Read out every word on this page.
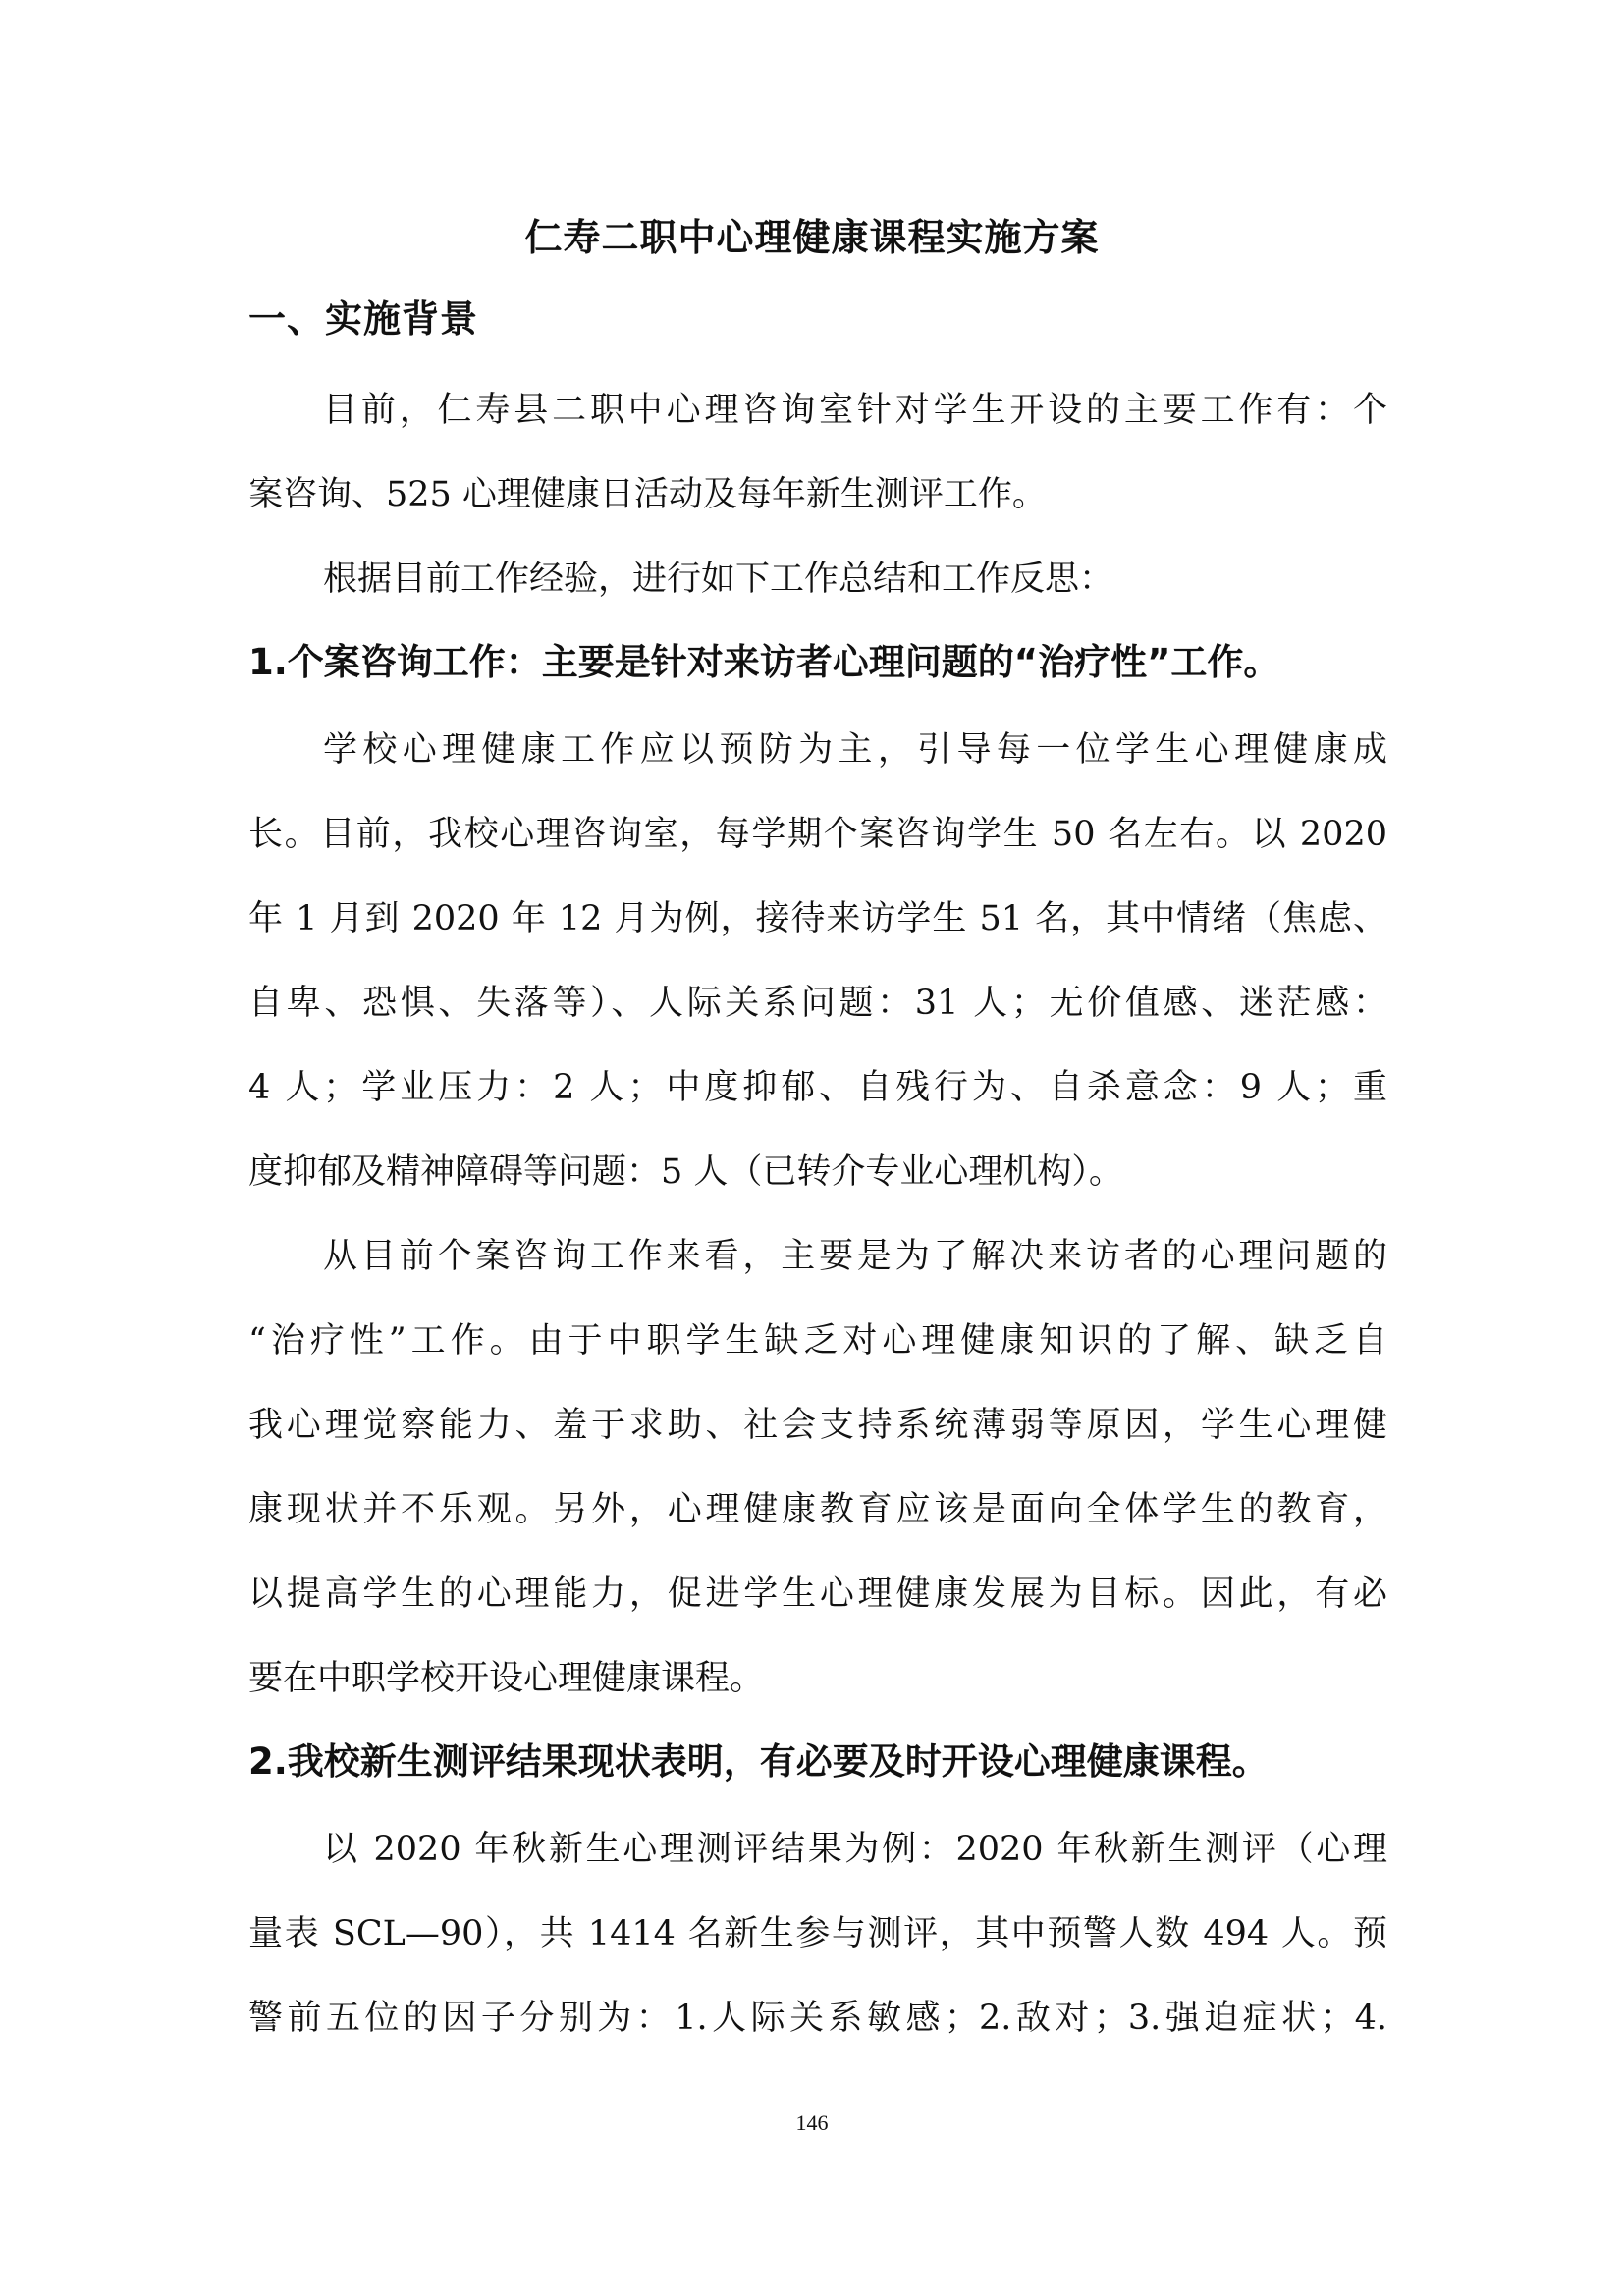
仁寿二职中心理健康课程实施方案
一、实施背景
目前，仁寿县二职中心理咨询室针对学生开设的主要工作有：个
案咨询、525 心理健康日活动及每年新生测评工作。
根据目前工作经验，进行如下工作总结和工作反思：
1.个案咨询工作：主要是针对来访者心理问题的“治疗性”工作。
学校心理健康工作应以预防为主，引导每一位学生心理健康成
长。目前，我校心理咨询室，每学期个案咨询学生 50 名左右。以 2020
年 1 月到 2020 年 12 月为例，接待来访学生 51 名，其中情绪（焦虑、
自卑、恐惧、失落等）、人际关系问题：31 人；无价值感、迷茫感：
4 人；学业压力：2 人；中度抑郁、自残行为、自杀意念：9 人；重
度抑郁及精神障碍等问题：5 人（已转介专业心理机构）。
从目前个案咨询工作来看，主要是为了解决来访者的心理问题的
“治疗性”工作。由于中职学生缺乏对心理健康知识的了解、缺乏自
我心理觉察能力、羞于求助、社会支持系统薄弱等原因，学生心理健
康现状并不乐观。另外，心理健康教育应该是面向全体学生的教育，
以提高学生的心理能力，促进学生心理健康发展为目标。因此，有必
要在中职学校开设心理健康课程。
2.我校新生测评结果现状表明，有必要及时开设心理健康课程。
以 2020 年秋新生心理测评结果为例：2020 年秋新生测评（心理
量表 SCL—90），共 1414 名新生参与测评，其中预警人数 494 人。预
警前五位的因子分别为：1.人际关系敏感；2.敌对；3.强迫症状；4.
146
